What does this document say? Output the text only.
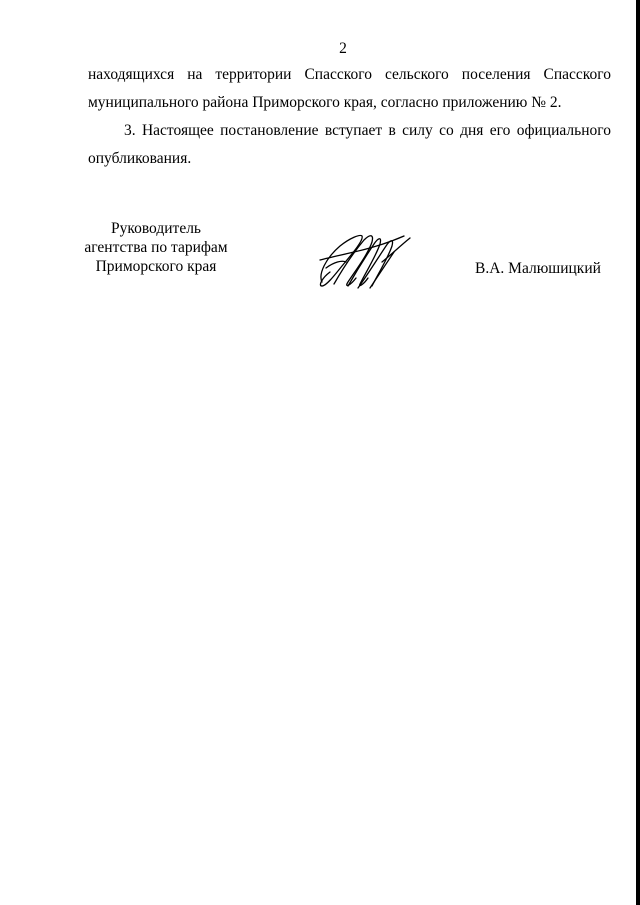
2

находящихся на территории Спасского сельского поселения Спасского
муниципального района Приморского края, согласно приложению № 2.

3. Настоящее постановление вступает в силу со дня его официального
опубликования.

Руководитель
агентства по тарифам
Приморского края	В.А. Малюшицкий
